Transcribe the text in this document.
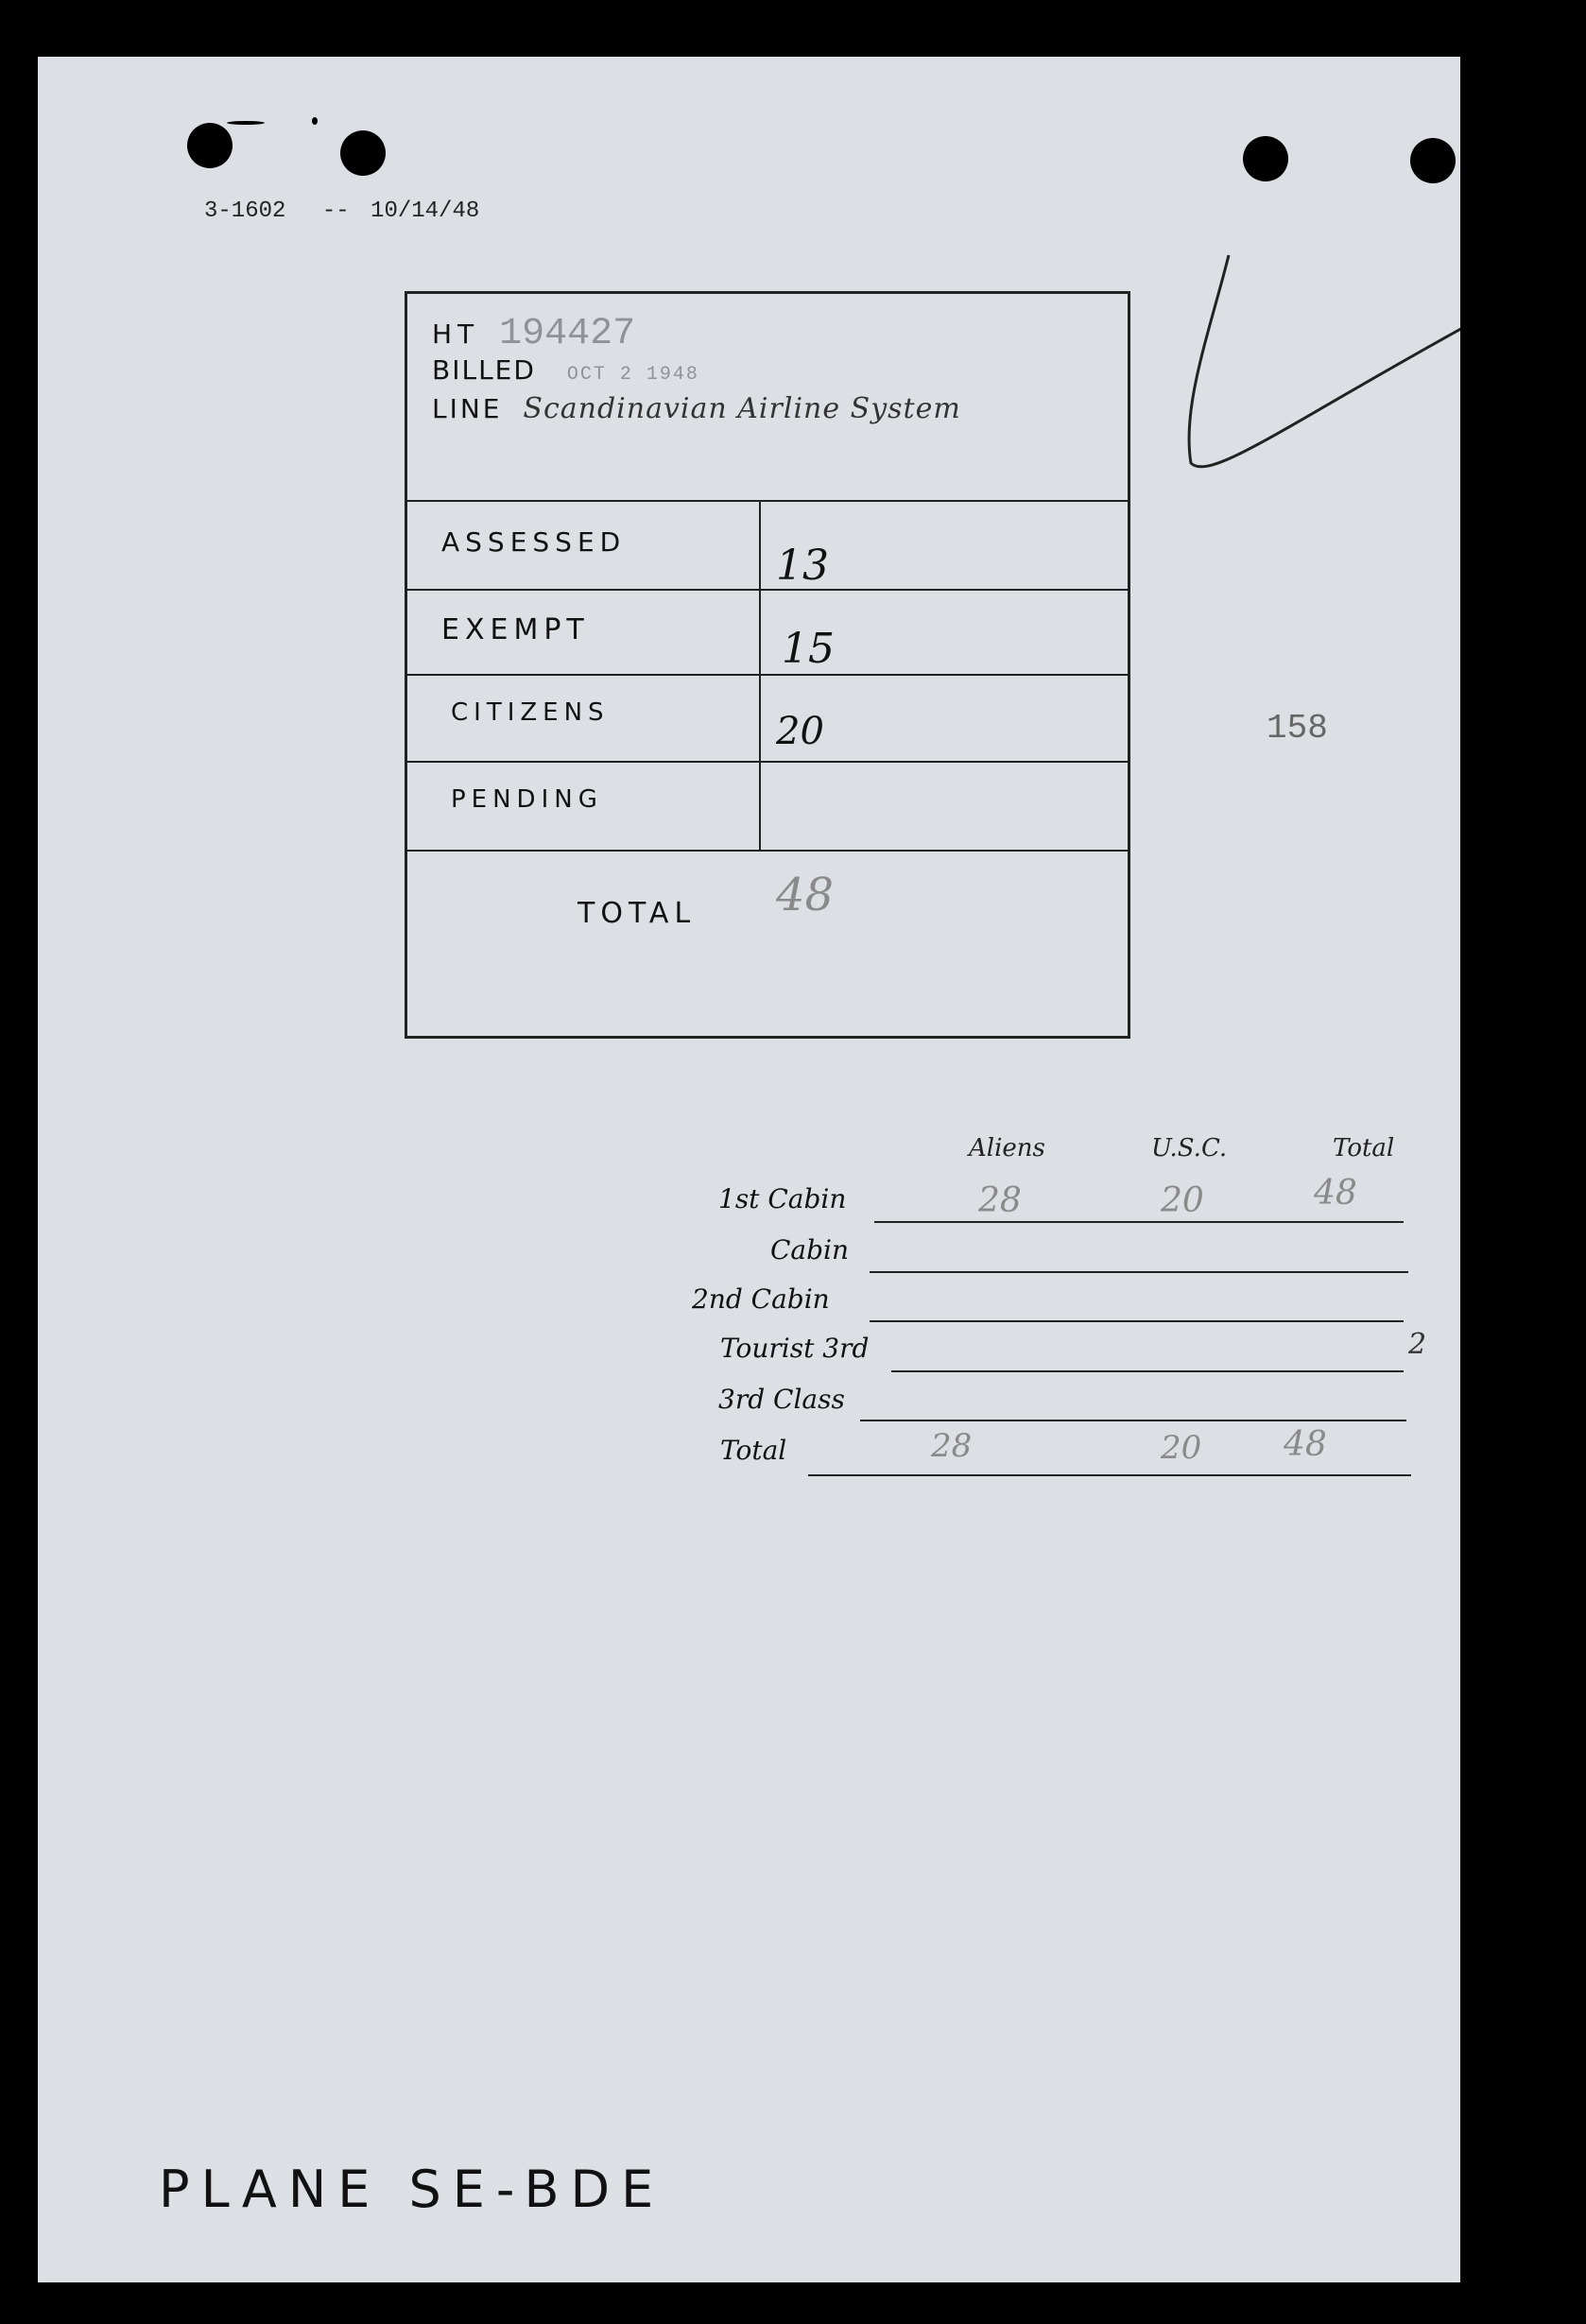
3-1602 -- 10/14/48
HT 194427
BILLED OCT 2 1948
LINE Scandinavian Airline System
ASSESSED	13
EXEMPT	15
CITIZENS	20
PENDING
TOTAL 48
158
Aliens	U.S.C.	Total
1st Cabin	28	20	48
Cabin
2nd Cabin
Tourist 3rd	2
3rd Class
Total	28	20 48
PLANE SE-BDE
